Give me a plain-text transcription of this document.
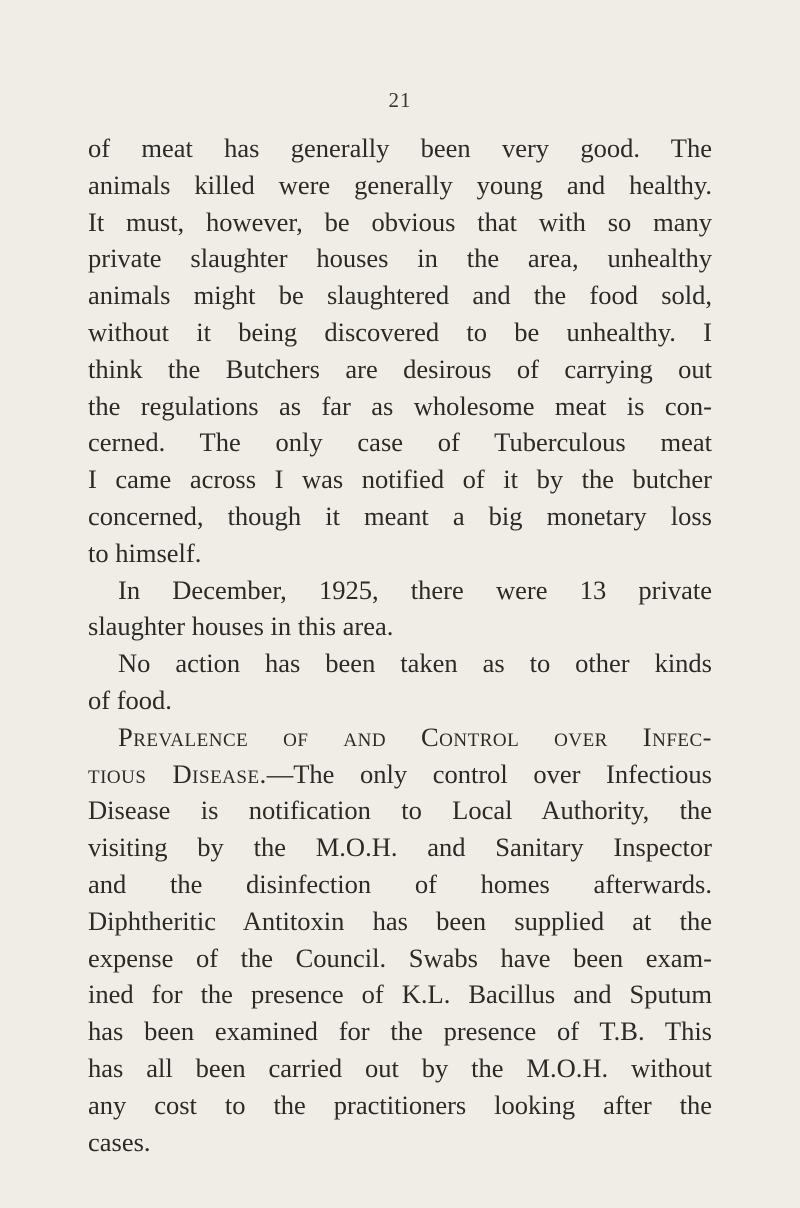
21
of meat has generally been very good. The
animals killed were generally young and healthy.
It must, however, be obvious that with so many
private slaughter houses in the area, unhealthy
animals might be slaughtered and the food sold,
without it being discovered to be unhealthy. I
think the Butchers are desirous of carrying out
the regulations as far as wholesome meat is con-
cerned. The only case of Tuberculous meat
I came across I was notified of it by the butcher
concerned, though it meant a big monetary loss
to himself.
In December, 1925, there were 13 private
slaughter houses in this area.
No action has been taken as to other kinds
of food.
Prevalence of and Control over Infec-
tious Disease.—The only control over Infectious
Disease is notification to Local Authority, the
visiting by the M.O.H. and Sanitary Inspector
and the disinfection of homes afterwards.
Diphtheritic Antitoxin has been supplied at the
expense of the Council. Swabs have been exam-
ined for the presence of K.L. Bacillus and Sputum
has been examined for the presence of T.B. This
has all been carried out by the M.O.H. without
any cost to the practitioners looking after the
cases.
